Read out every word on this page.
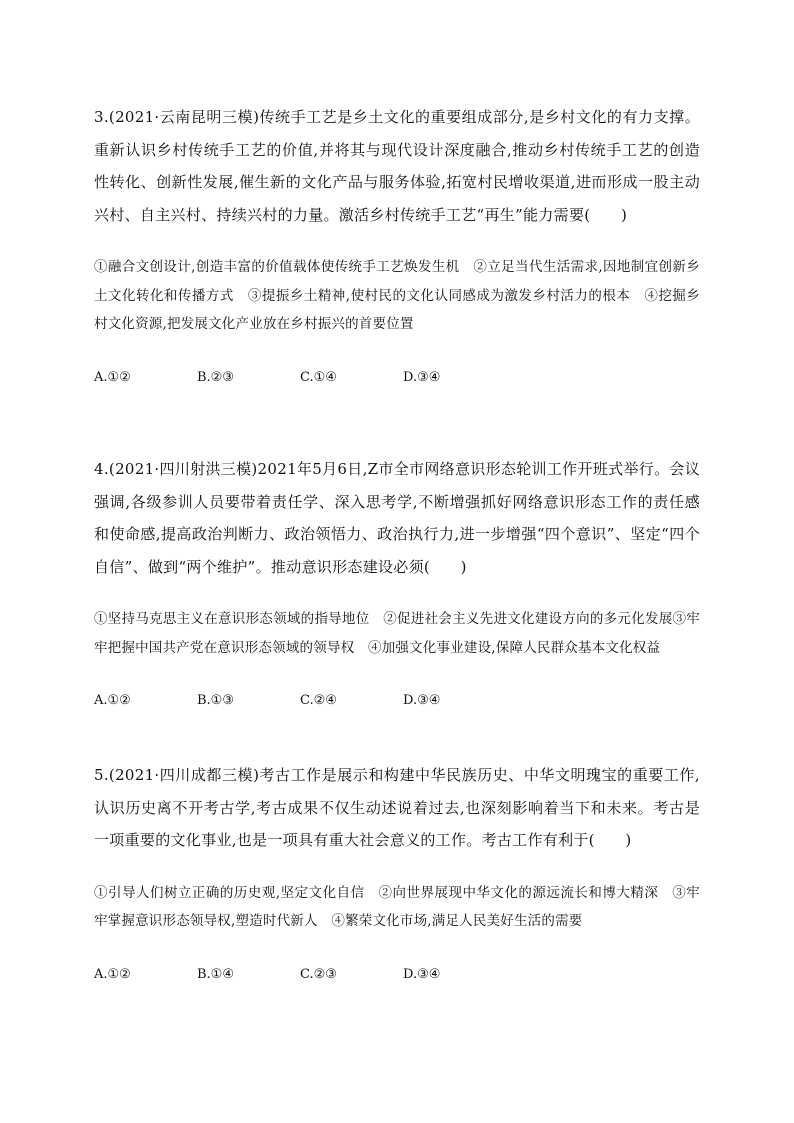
3.(2021·云南昆明三模)传统手工艺是乡土文化的重要组成部分,是乡村文化的有力支撑。重新认识乡村传统手工艺的价值,并将其与现代设计深度融合,推动乡村传统手工艺的创造性转化、创新性发展,催生新的文化产品与服务体验,拓宽村民增收渠道,进而形成一股主动兴村、自主兴村、持续兴村的力量。激活乡村传统手工艺“再生”能力需要(　　)

①融合文创设计,创造丰富的价值载体使传统手工艺焕发生机　②立足当代生活需求,因地制宜创新乡土文化转化和传播方式　③提振乡土精神,使村民的文化认同感成为激发乡村活力的根本　④挖掘乡村文化资源,把发展文化产业放在乡村振兴的首要位置

A.①②	B.②③	C.①④	D.③④

4.(2021·四川射洪三模)2021年5月6日,Z市全市网络意识形态轮训工作开班式举行。会议强调,各级参训人员要带着责任学、深入思考学,不断增强抓好网络意识形态工作的责任感和使命感,提高政治判断力、政治领悟力、政治执行力,进一步增强“四个意识”、坚定“四个自信”、做到“两个维护”。推动意识形态建设必须(　　)

①坚持马克思主义在意识形态领域的指导地位　②促进社会主义先进文化建设方向的多元化发展③牢牢把握中国共产党在意识形态领域的领导权　④加强文化事业建设,保障人民群众基本文化权益

A.①②	B.①③	C.②④	D.③④

5.(2021·四川成都三模)考古工作是展示和构建中华民族历史、中华文明瑰宝的重要工作,认识历史离不开考古学,考古成果不仅生动述说着过去,也深刻影响着当下和未来。考古是一项重要的文化事业,也是一项具有重大社会意义的工作。考古工作有利于(　　)

①引导人们树立正确的历史观,坚定文化自信　②向世界展现中华文化的源远流长和博大精深　③牢牢掌握意识形态领导权,塑造时代新人　④繁荣文化市场,满足人民美好生活的需要

A.①②	B.①④	C.②③	D.③④
